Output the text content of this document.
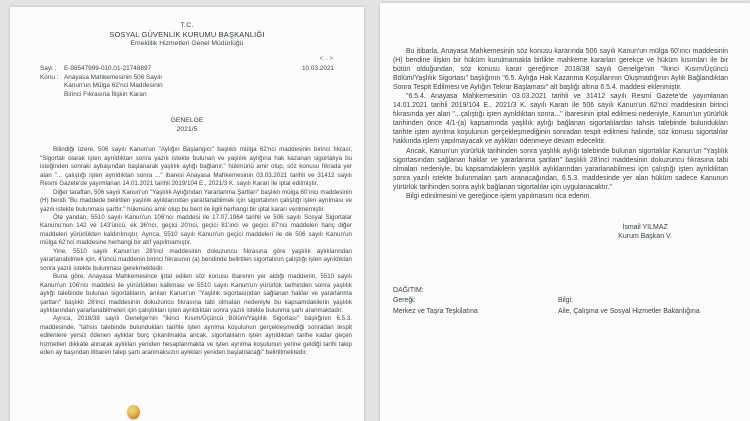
T.C.
SOSYAL GÜVENLİK KURUMU BAŞKANLIĞI
Emeklilik Hizmetleri Genel Müdürlüğü
<..>
10.03.2021
Sayı :	E-98547999-010.01-21748897
Konu : Anayasa Mahkemesinin 506 Sayılı
Kanun'un Mülga 62'nci Maddesinin
Birinci Fıkrasına İlişkin Kararı
GENELGE
2021/5

Bilindiği üzere, 506 sayılı Kanun'un "Aylığın Başlangıcı" başlıklı mülga 62'nci maddesinin birinci fıkrası; "Sigortalı olarak işten ayrıldıktan sonra yazılı istekte bulunan ve yaşlılık aylığına hak kazanan sigortalıya bu isteğinden sonraki aybaşından başlanarak yaşlılık aylığı bağlanır." hükmünü amir olup, söz konusu fıkrada yer alan "... çalıştığı işten ayrıldıktan sonra ..." ibaresi Anayasa Mahkemesinin 03.03.2021 tarihli ve 31412 sayılı Resmi Gazete'de yayımlanan 14.01.2021 tarihli 2019/104 E., 2021/3 K. sayılı Kararı ile iptal edilmiştir.

Diğer taraftan, 506 sayılı Kanun'un "Yaşlılık Aylığından Yararlanma Şartları" başlıklı mülga 60'ıncı maddesinin (H) bendi "Bu maddede belirtilen yaşlılık aylıklarından yararlanabilmek için sigortalının çalıştığı işten ayrılması ve yazılı istekte bulunması şarttır." hükmünü amir olup bu bent ile ilgili herhangi bir iptal kararı verilmemiştir.

Öte yandan, 5510 sayılı Kanun'un 106'ncı maddesi ile 17.07.1964 tarihli ve 506 sayılı Sosyal Sigortalar Kanunu'nun 142 ve 143'üncü, ek 36'ncı, geçici 20'nci, geçici 81'inci ve geçici 87'nci maddeleri hariç diğer maddeleri yürürlükten kaldırılmıştır. Ayrıca, 5510 sayılı Kanun'un geçici maddeleri ile de 506 sayılı Kanun'un mülga 62'nci maddesine herhangi bir atıf yapılmamıştır.

Yine, 5510 sayılı Kanun'un 28'inci maddesinin dokuzuncu fıkrasına göre yaşlılık aylıklarından yararlanabilmek için, 4'üncü maddenin birinci fıkrasının (a) bendinde belirtilen sigortalının çalıştığı işten ayrıldıktan sonra yazılı istekte bulunması gerekmektedir.

Buna göre, Anayasa Mahkemesince iptal edilen söz konusu ibarenin yer aldığı maddenin, 5510 sayılı Kanun'un 106'ncı maddesi ile yürürlükten kalkması ve 5510 sayılı Kanun'un yürürlük tarihinden sonra yaşlılık aylığı talebinde bulunan sigortalıların, anılan Kanun'un "Yaşlılık sigortasından sağlanan haklar ve yararlanma şartları" başlıklı 28'inci maddesinin dokuzuncu fıkrasına tabi olmaları nedeniyle bu kapsamdakilerin yaşlılık aylıklarından yararlanabilmeleri için çalıştıkları işten ayrıldıktan sonra yazılı istekte bulunma şartı aranmaktadır.

Ayrıca, 2018/38 sayılı Genelge'nin "İkinci Kısım/Üçüncü Bölüm/Yaşlılık Sigortası" başlığının 6.5.3. maddesinde, "tahsis talebinde bulundukları tarihte işten ayrılma koşulunun gerçekleşmediği sonradan tespit edilenlere yersiz ödenen aylıklar borç çıkarılmakta ancak, sigortalıların işten ayrıldıktan tarihe kadar geçen hizmetleri dikkate alınarak aylıkları yeniden hesaplanmakta ve işten ayrılma koşulunun yerine geldiği tarihi takip eden ay başından itibaren talep şartı aranmaksızın aylıkları yeniden başlatılacağı" belirtilmektedir.

Bu itibarla, Anayasa Mahkemesinin söz konusu kararında 506 sayılı Kanun'un mülga 60'ıncı maddesinin (H) bendine ilişkin bir hüküm kurulmamakla birlikte mahkeme kararları gerekçe ve hüküm kısımları ile bir bütün olduğundan, söz konusu karar gereğince 2018/38 sayılı Genelge'nin "İkinci Kısım/Üçüncü Bölüm/Yaşlılık Sigortası" başlığının "6.5. Aylığa Hak Kazanma Koşullarının Oluşmadığının Aylık Bağlandıktan Sonra Tespit Edilmesi ve Aylığın Tekrar Başlaması" alt başlığı altına 6.5.4. maddesi eklenmiştir.

"6.5.4. Anayasa Mahkemesinin 03.03.2021 tarihli ve 31412 sayılı Resmi Gazete'de yayımlanan 14.01.2021 tarihli 2019/104 E., 2021/3 K. sayılı Kararı ile 506 sayılı Kanun'un 62'nci maddesinin birinci fıkrasında yer alan "...çalıştığı işten ayrıldıktan sonra..." ibaresinin iptal edilmesi nedeniyle, Kanun'un yürürlük tarihinden önce 4/1-(a) kapsamında yaşlılık aylığı bağlanan sigortalılardan tahsis talebinde bulundukları tarihte işten ayrılma koşulunun gerçekleşmediğinin sonradan tespit edilmesi halinde, söz konusu sigortalılar hakkında işlem yapılmayacak ve aylıkları ödenmeye devam edecektir.

Ancak, Kanun'un yürürlük tarihinden sonra yaşlılık aylığı talebinde bulunan sigortalılar Kanun'un "Yaşlılık sigortasından sağlanan haklar ve yararlanma şartları" başlıklı 28'inci maddesinin dokuzuncu fıkrasına tabi olmaları nedeniyle, bu kapsamdakilerin yaşlılık aylıklarından yararlanabilmesi için çalıştığı işten ayrıldıktan sonra yazılı istekte bulunmaları şartı aranacağından, 6.5.3. maddesinde yer alan hüküm sadece Kanunun yürürlük tarihinden sonra aylık bağlanan sigortalılar için uygulanacaktır."

Bilgi edinilmesini ve gereğince işlem yapılmasını rica ederim.
İsmail YILMAZ
Kurum Başkan V.
DAĞITIM:
Gereği:	Bilgi:
Merkez ve Taşra Teşkilatına	Aile, Çalışma ve Sosyal Hizmetler Bakanlığına
